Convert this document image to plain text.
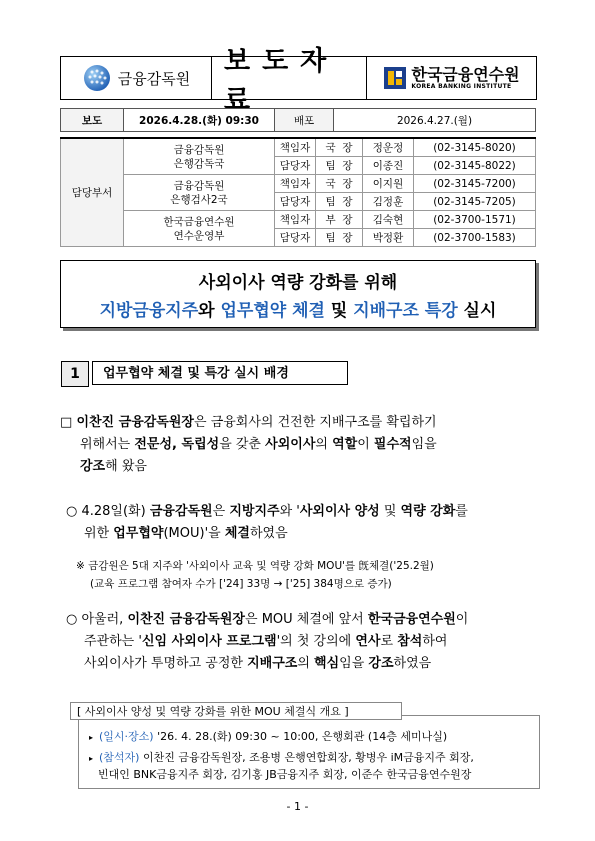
금융감독원
보도자료
한국금융연수원
KOREA BANKING INSTITUTE
보도	2026.4.28.(화) 09:30	배포	2026.4.27.(월)
담당부서	금융감독원
은행감독국	책임자	국  장	정운정	(02-3145-8020)
		담당자	팀  장	이종진	(02-3145-8022)
	금융감독원
은행검사2국	책임자	국  장	이지원	(02-3145-7200)
		담당자	팀  장	김정훈	(02-3145-7205)
	한국금융연수원
연수운영부	책임자	부  장	김숙현	(02-3700-1571)
		담당자	팀  장	박정환	(02-3700-1583)
사외이사 역량 강화를 위해
지방금융지주와 업무협약 체결 및 지배구조 특강 실시
1	업무협약 체결 및 특강 실시 배경
□ 이찬진 금융감독원장은 금융회사의 건전한 지배구조를 확립하기
위해서는 전문성, 독립성을 갖춘 사외이사의 역할이 필수적임을
강조해 왔음
○ 4.28일(화) 금융감독원은 지방지주와 '사외이사 양성 및 역량 강화를
위한 업무협약(MOU)'을 체결하였음
※ 금감원은 5대 지주와 '사외이사 교육 및 역량 강화 MOU'를 旣체결('25.2월)
(교육 프로그램 참여자 수가 ['24] 33명 → ['25] 384명으로 증가)
○ 아울러, 이찬진 금융감독원장은 MOU 체결에 앞서 한국금융연수원이
주관하는 '신임 사외이사 프로그램'의 첫 강의에 연사로 참석하여
사외이사가 투명하고 공정한 지배구조의 핵심임을 강조하였음
▸ (일시·장소) '26. 4. 28.(화) 09:30 ~ 10:00, 은행회관 (14층 세미나실)
▸ (참석자) 이찬진 금융감독원장, 조용병 은행연합회장, 황병우 iM금융지주 회장,
빈대인 BNK금융지주 회장, 김기홍 JB금융지주 회장, 이준수 한국금융연수원장
[ 사외이사 양성 및 역량 강화를 위한 MOU 체결식 개요 ]
- 1 -
